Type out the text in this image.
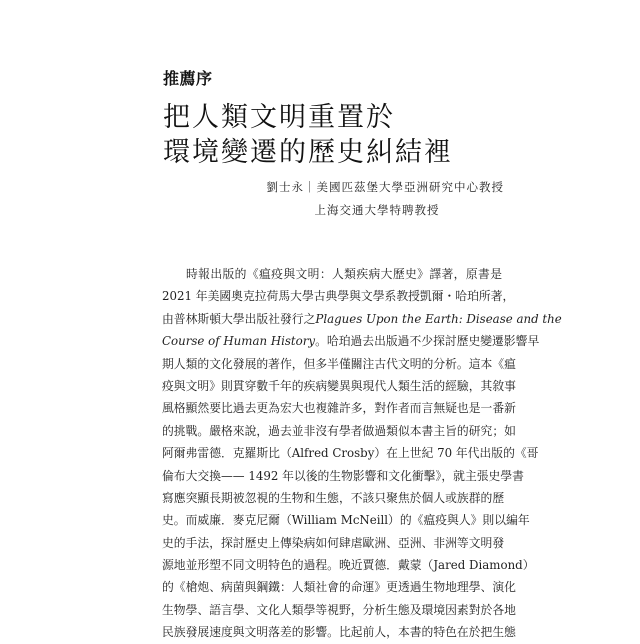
推薦序
把人類文明重置於
環境變遷的歷史糾結裡
劉士永｜美國匹茲堡大學亞洲研究中心教授
上海交通大學特聘教授
時報出版的《瘟疫與文明：人類疾病大歷史》譯著，原書是
2021 年美國奧克拉荷馬大學古典學與文學系教授凱爾・哈珀所著，
由普林斯頓大學出版社發行之Plagues Upon the Earth: Disease and the
Course of Human History。哈珀過去出版過不少探討歷史變遷影響早
期人類的文化發展的著作，但多半僅關注古代文明的分析。這本《瘟
疫與文明》則貫穿數千年的疾病變異與現代人類生活的經驗，其敘事
風格顯然要比過去更為宏大也複雜許多，對作者而言無疑也是一番新
的挑戰。嚴格來說，過去並非沒有學者做過類似本書主旨的研究；如
阿爾弗雷德．克羅斯比（Alfred Crosby）在上世紀 70 年代出版的《哥
倫布大交換—— 1492 年以後的生物影響和文化衝擊》，就主張史學書
寫應突顯長期被忽視的生物和生態，不該只聚焦於個人或族群的歷
史。而威廉．麥克尼爾（William McNeill）的《瘟疫與人》則以編年
史的手法，探討歷史上傳染病如何肆虐歐洲、亞洲、非洲等文明發
源地並形塑不同文明特色的過程。晚近賈德．戴蒙（Jared Diamond）
的《槍炮、病菌與鋼鐵：人類社會的命運》更透過生物地理學、演化
生物學、語言學、文化人類學等視野，分析生態及環境因素對於各地
民族發展速度與文明落差的影響。比起前人，本書的特色在於把生態
